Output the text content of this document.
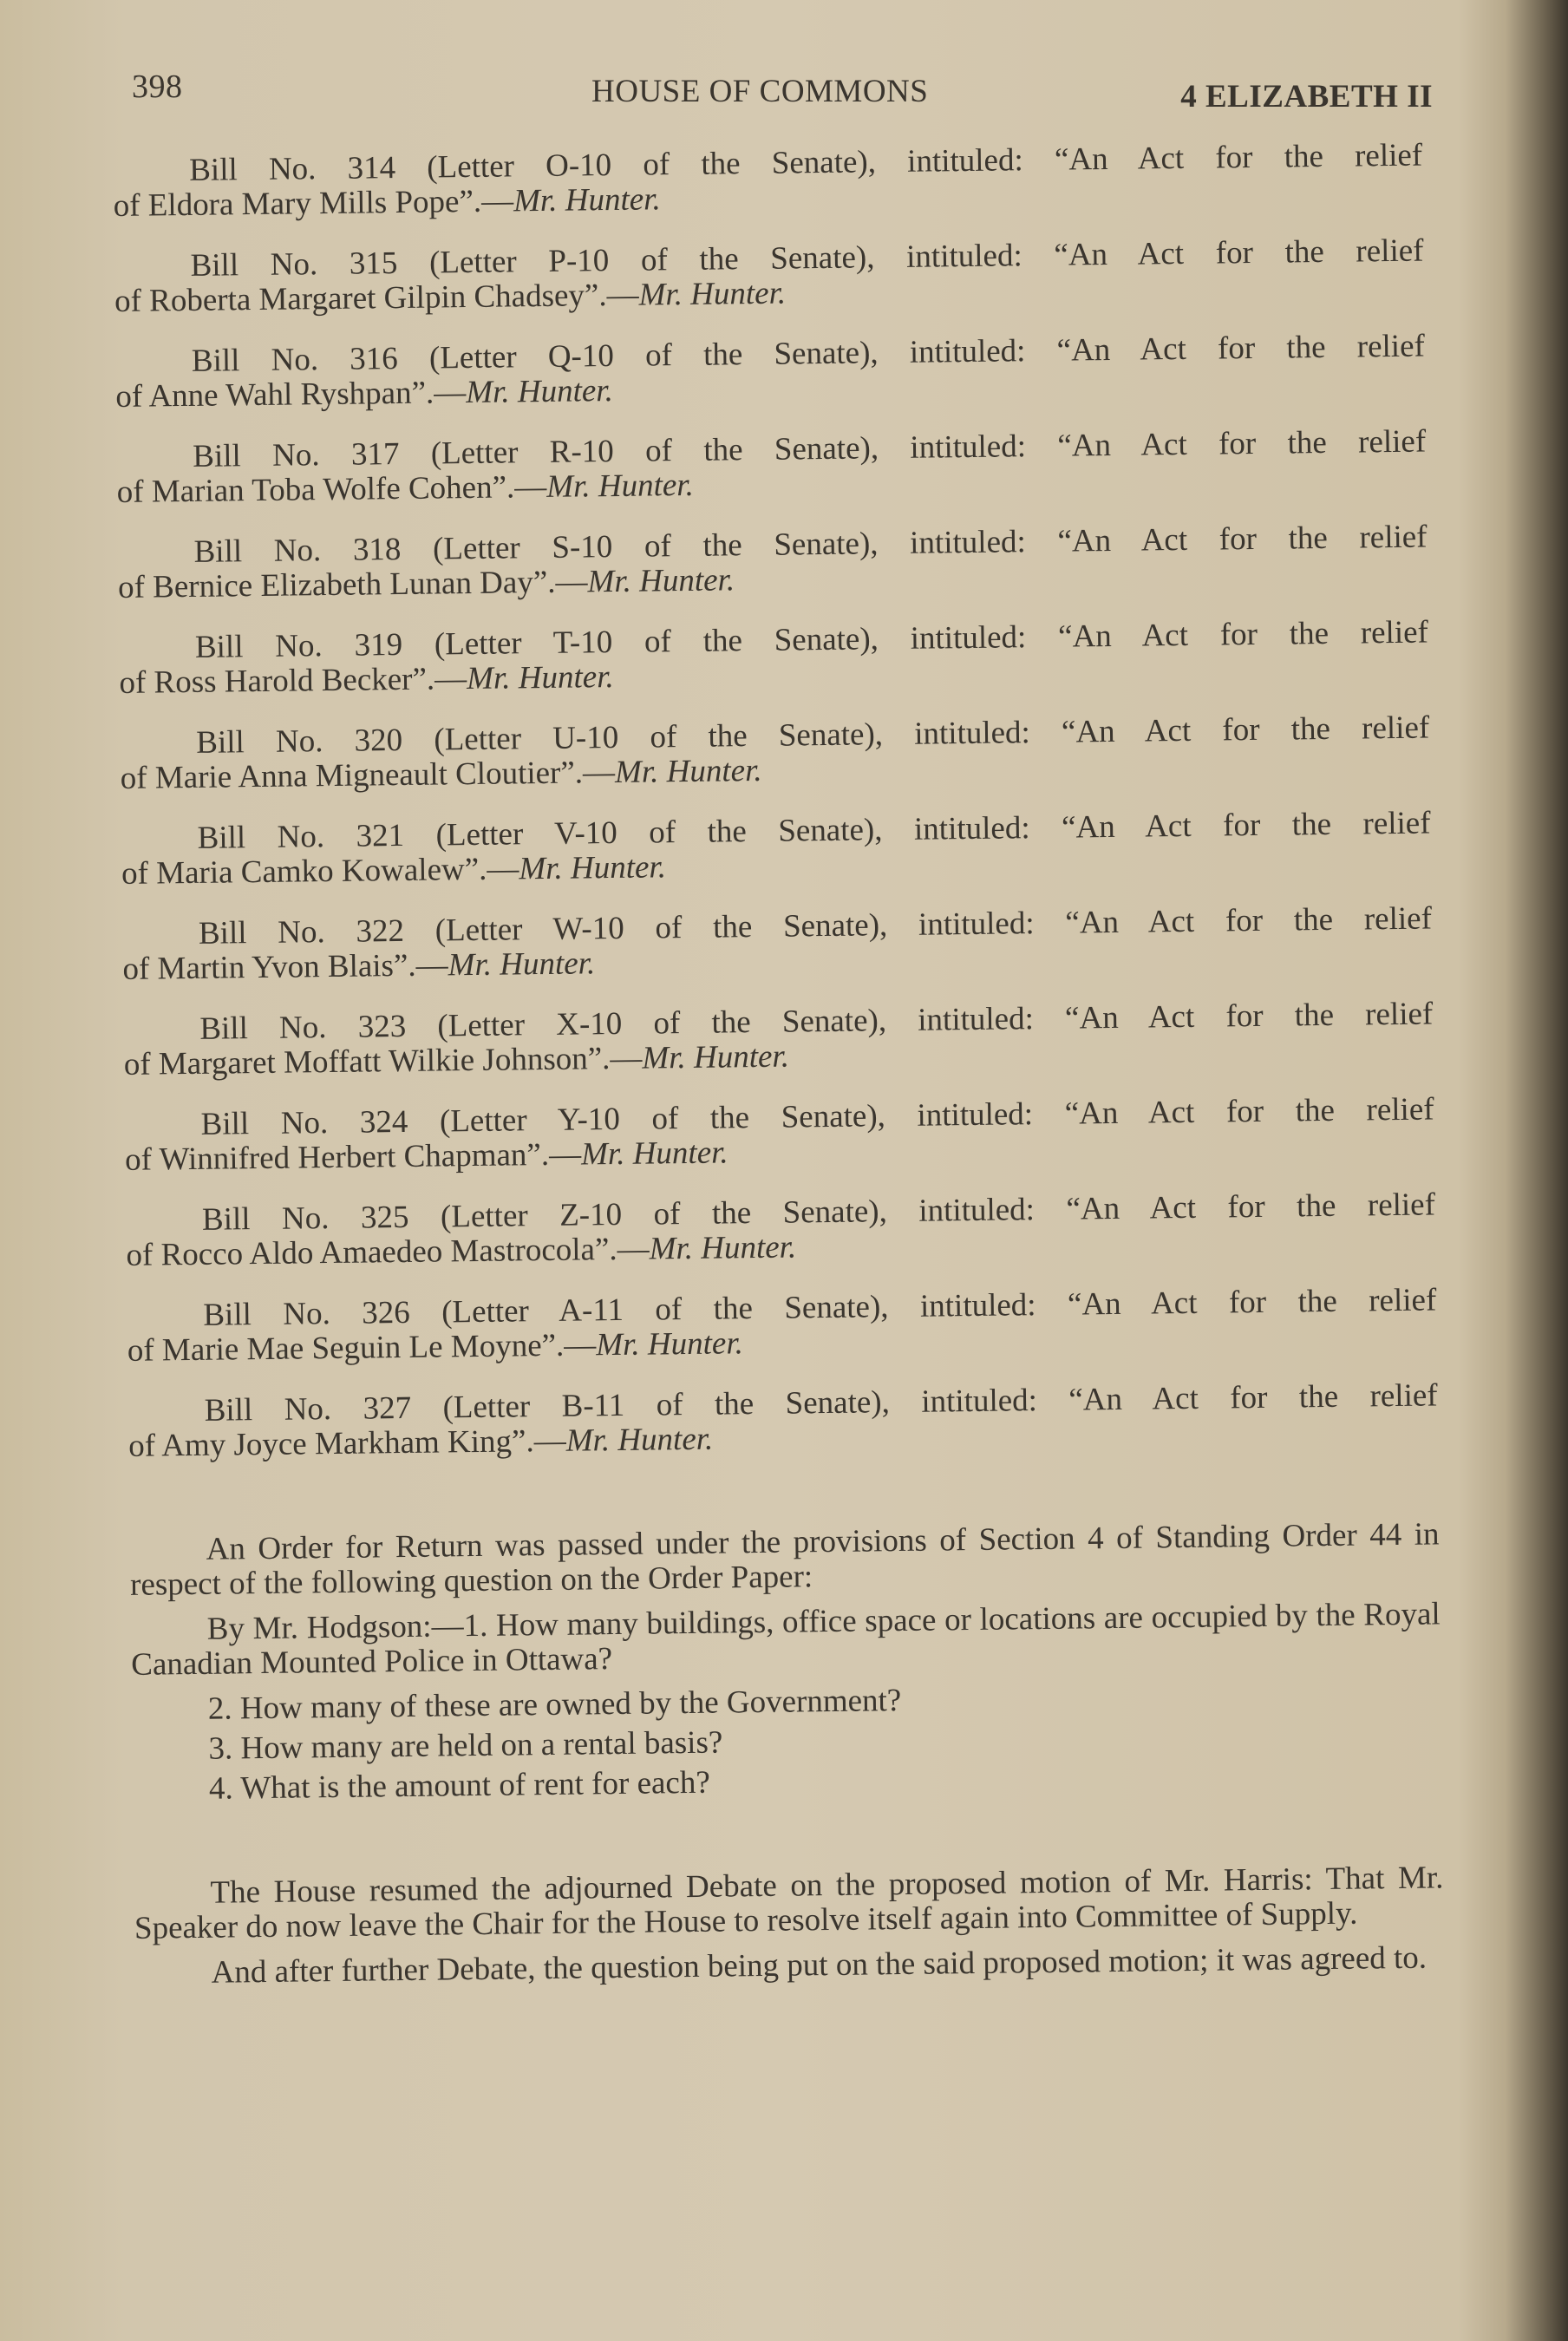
398	HOUSE OF COMMONS	4 ELIZABETH II

Bill No. 314 (Letter O-10 of the Senate), intituled: “An Act for the relief
of Eldora Mary Mills Pope”.—Mr. Hunter.

Bill No. 315 (Letter P-10 of the Senate), intituled: “An Act for the relief
of Roberta Margaret Gilpin Chadsey”.—Mr. Hunter.

Bill No. 316 (Letter Q-10 of the Senate), intituled: “An Act for the relief
of Anne Wahl Ryshpan”.—Mr. Hunter.

Bill No. 317 (Letter R-10 of the Senate), intituled: “An Act for the relief
of Marian Toba Wolfe Cohen”.—Mr. Hunter.

Bill No. 318 (Letter S-10 of the Senate), intituled: “An Act for the relief
of Bernice Elizabeth Lunan Day”.—Mr. Hunter.

Bill No. 319 (Letter T-10 of the Senate), intituled: “An Act for the relief
of Ross Harold Becker”.—Mr. Hunter.

Bill No. 320 (Letter U-10 of the Senate), intituled: “An Act for the relief
of Marie Anna Migneault Cloutier”.—Mr. Hunter.

Bill No. 321 (Letter V-10 of the Senate), intituled: “An Act for the relief
of Maria Camko Kowalew”.—Mr. Hunter.

Bill No. 322 (Letter W-10 of the Senate), intituled: “An Act for the relief
of Martin Yvon Blais”.—Mr. Hunter.

Bill No. 323 (Letter X-10 of the Senate), intituled: “An Act for the relief
of Margaret Moffatt Wilkie Johnson”.—Mr. Hunter.

Bill No. 324 (Letter Y-10 of the Senate), intituled: “An Act for the relief
of Winnifred Herbert Chapman”.—Mr. Hunter.

Bill No. 325 (Letter Z-10 of the Senate), intituled: “An Act for the relief
of Rocco Aldo Amaedeo Mastrocola”.—Mr. Hunter.

Bill No. 326 (Letter A-11 of the Senate), intituled: “An Act for the relief
of Marie Mae Seguin Le Moyne”.—Mr. Hunter.

Bill No. 327 (Letter B-11 of the Senate), intituled: “An Act for the relief
of Amy Joyce Markham King”.—Mr. Hunter.

An Order for Return was passed under the provisions of Section 4 of Standing Order 44 in respect of the following question on the Order Paper:

By Mr. Hodgson:—1. How many buildings, office space or locations are occupied by the Royal Canadian Mounted Police in Ottawa?

2. How many of these are owned by the Government?

3. How many are held on a rental basis?

4. What is the amount of rent for each?

The House resumed the adjourned Debate on the proposed motion of Mr. Harris: That Mr. Speaker do now leave the Chair for the House to resolve itself again into Committee of Supply.

And after further Debate, the question being put on the said proposed motion; it was agreed to.
